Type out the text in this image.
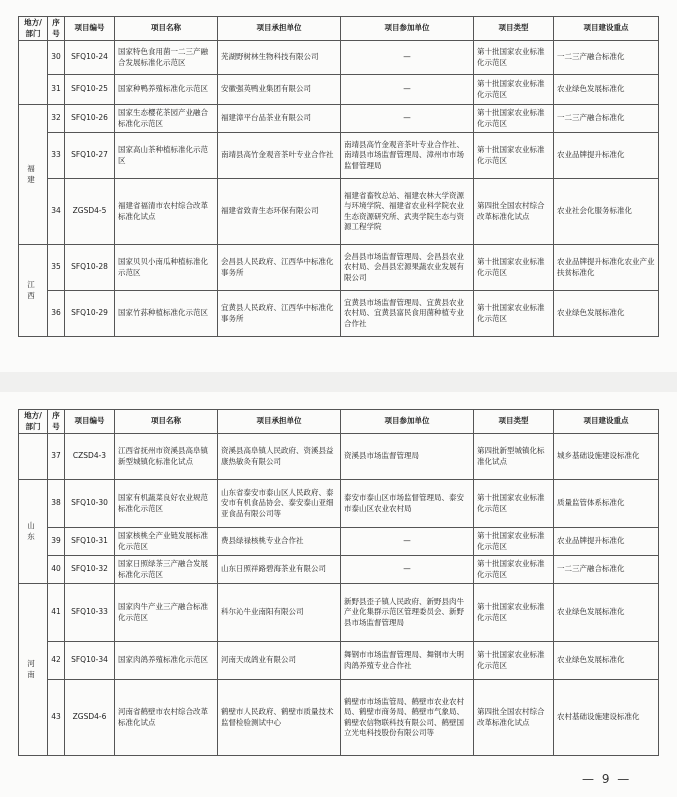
地方/部门	序号	项目编号	项目名称	项目承担单位	项目参加单位	项目类型	项目建设重点
	30	SFQ10-24	国家特色食用菌一二三产融合发展标准化示范区	芜湖野树林生物科技有限公司	—	第十批国家农业标准化示范区	一二三产融合标准化
	31	SFQ10-25	国家种鸭养殖标准化示范区	安徽强英鸭业集团有限公司	—	第十批国家农业标准化示范区	农业绿色发展标准化
福建	32	SFQ10-26	国家生态樱花茶园产业融合标准化示范区	福建漳平台品茶业有限公司	—	第十批国家农业标准化示范区	一二三产融合标准化
	33	SFQ10-27	国家高山茶种植标准化示范区	南靖县高竹金观音茶叶专业合作社	南靖县高竹金观音茶叶专业合作社、南靖县市场监督管理局、漳州市市场监督管理局	第十批国家农业标准化示范区	农业品牌提升标准化
	34	ZGSD4-5	福建省福清市农村综合改革标准化试点	福建省致青生态环保有限公司	福建省畜牧总站、福建农林大学资源与环境学院、福建省农业科学院农业生态资源研究所、武夷学院生态与资源工程学院	第四批全国农村综合改革标准化试点	农业社会化服务标准化
江西	35	SFQ10-28	国家贝贝小南瓜种植标准化示范区	会昌县人民政府、江西华中标准化事务所	会昌县市场监督管理局、会昌县农业农村局、会昌县宏源果蔬农业发展有限公司	第十批国家农业标准化示范区	农业品牌提升标准化农业产业扶贫标准化
	36	SFQ10-29	国家竹荪种植标准化示范区	宜黄县人民政府、江西华中标准化事务所	宜黄县市场监督管理局、宜黄县农业农村局、宜黄县富民食用菌种植专业合作社	第十批国家农业标准化示范区	农业绿色发展标准化
地方/部门	序号	项目编号	项目名称	项目承担单位	项目参加单位	项目类型	项目建设重点
	37	CZSD4-3	江西省抚州市资溪县高阜镇新型城镇化标准化试点	资溪县高阜镇人民政府、资溪县益康热敏灸有限公司	资溪县市场监督管理局	第四批新型城镇化标准化试点	城乡基础设施建设标准化
山东	38	SFQ10-30	国家有机蔬菜良好农业规范标准化示范区	山东省泰安市泰山区人民政府、泰安市有机食品协会、泰安泰山亚细亚食品有限公司等	泰安市泰山区市场监督管理局、泰安市泰山区农业农村局	第十批国家农业标准化示范区	质量监管体系标准化
	39	SFQ10-31	国家核桃全产业链发展标准化示范区	费县绿禄核桃专业合作社	—	第十批国家农业标准化示范区	农业品牌提升标准化
	40	SFQ10-32	国家日照绿茶三产融合发展标准化示范区	山东日照祥路碧海茶业有限公司	—	第十批国家农业标准化示范区	一二三产融合标准化
河南	41	SFQ10-33	国家肉牛产业三产融合标准化示范区	科尔沁牛业南阳有限公司	新野县歪子镇人民政府、新野县肉牛产业化集群示范区管理委员会、新野县市场监督管理局	第十批国家农业标准化示范区	农业绿色发展标准化
	42	SFQ10-34	国家肉鸽养殖标准化示范区	河南天成鸽业有限公司	舞钢市市场监督管理局、舞钢市大明肉鸽养殖专业合作社	第十批国家农业标准化示范区	农业绿色发展标准化
	43	ZGSD4-6	河南省鹤壁市农村综合改革标准化试点	鹤壁市人民政府、鹤壁市质量技术监督检验测试中心	鹤壁市市场监管局、鹤壁市农业农村局、鹤壁市商务局、鹤壁市气象局、鹤壁农信物联科技有限公司、鹤壁国立光电科技股份有限公司等	第四批全国农村综合改革标准化试点	农村基础设施建设标准化
— 9 —
